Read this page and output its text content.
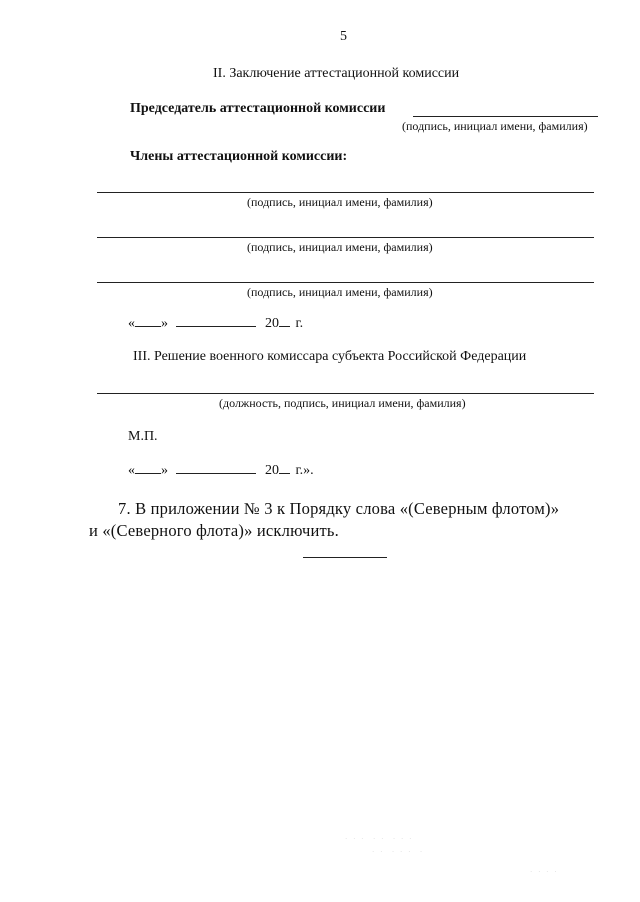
5
II. Заключение аттестационной комиссии
Председатель аттестационной комиссии
(подпись, инициал имени, фамилия)
Члены аттестационной комиссии:
(подпись, инициал имени, фамилия)
(подпись, инициал имени, фамилия)
(подпись, инициал имени, фамилия)
« »	20 г.
III. Решение военного комиссара субъекта Российской Федерации
(должность, подпись, инициал имени, фамилия)
М.П.
« »	20 г.».
7. В приложении № 3 к Порядку слова «(Северным флотом)»
и «(Северного флота)» исключить.
· · ·  · ·  · · ·
· ·  · · ·  ·
· · · ·
